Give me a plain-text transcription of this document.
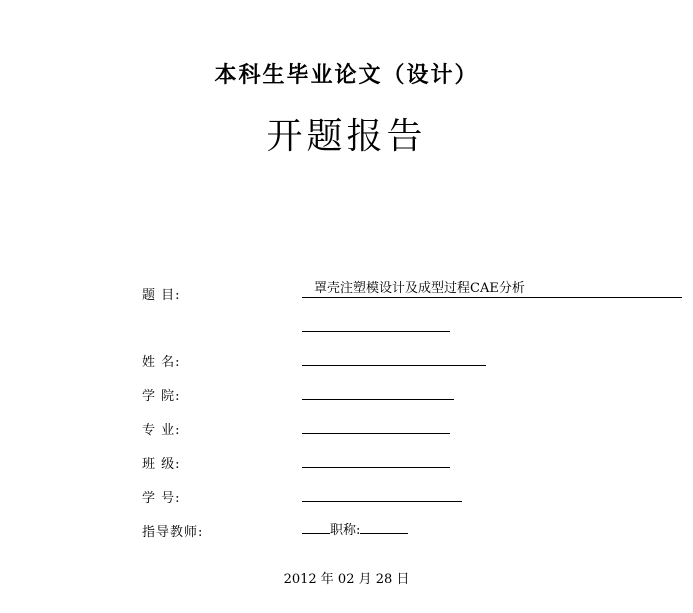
本科生毕业论文（设计）
开题报告
题 目:	罩壳注塑模设计及成型过程CAE分析
姓 名:
学 院:
专 业:
班 级:
学 号:
指导教师:	职称:
2012 年 02 月 28 日
